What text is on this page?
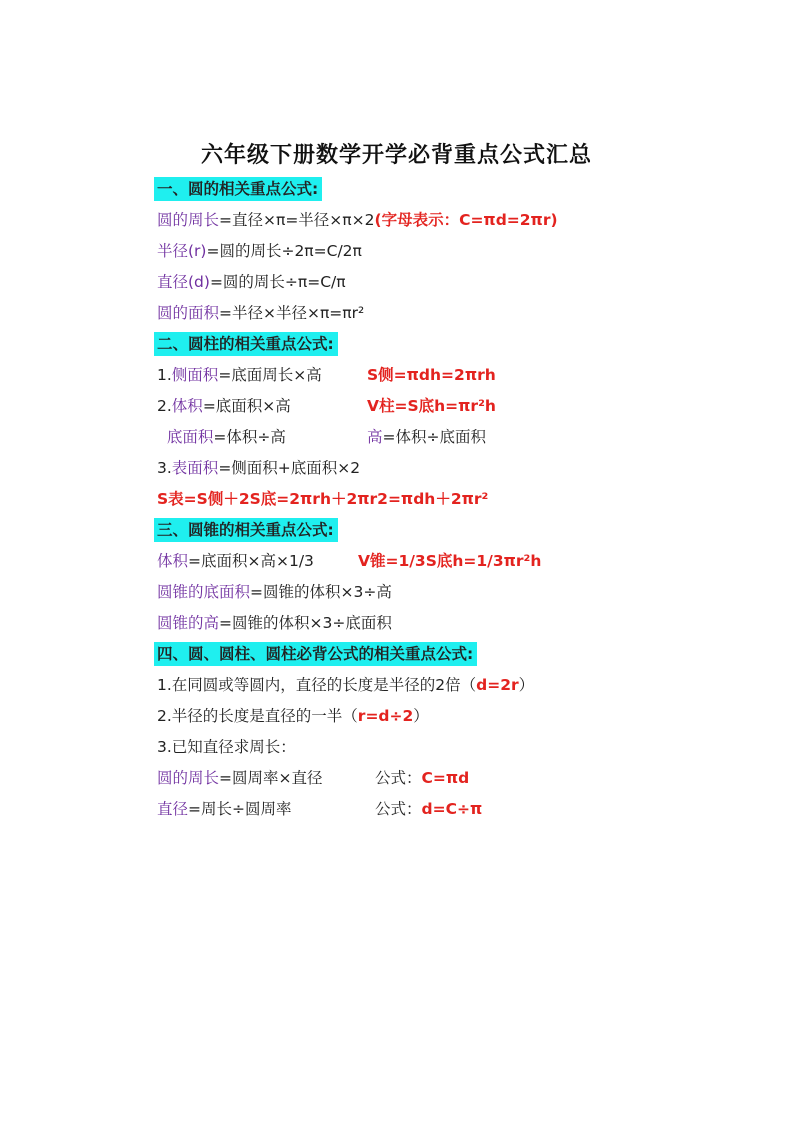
六年级下册数学开学必背重点公式汇总
一、圆的相关重点公式:
圆的周长=直径×π=半径×π×2(字母表示：C=πd=2πr)
半径(r)=圆的周长÷2π=C/2π
直径(d)=圆的周长÷π=C/π
圆的面积=半径×半径×π=πr²
二、圆柱的相关重点公式:
1.侧面积=底面周长×高	S侧=πdh=2πrh
2.体积=底面积×高	V柱=S底h=πr²h
底面积=体积÷高	高=体积÷底面积
3.表面积=侧面积+底面积×2
S表=S侧＋2S底=2πrh＋2πr2=πdh＋2πr²
三、圆锥的相关重点公式:
体积=底面积×高×1/3	V锥=1/3S底h=1/3πr²h
圆锥的底面积=圆锥的体积×3÷高
圆锥的高=圆锥的体积×3÷底面积
四、圆、圆柱、圆柱必背公式的相关重点公式:
1.在同圆或等圆内，直径的长度是半径的2倍（d=2r）
2.半径的长度是直径的一半（r=d÷2）
3.已知直径求周长：
圆的周长=圆周率×直径	公式：C=πd
直径=周长÷圆周率	公式：d=C÷π
